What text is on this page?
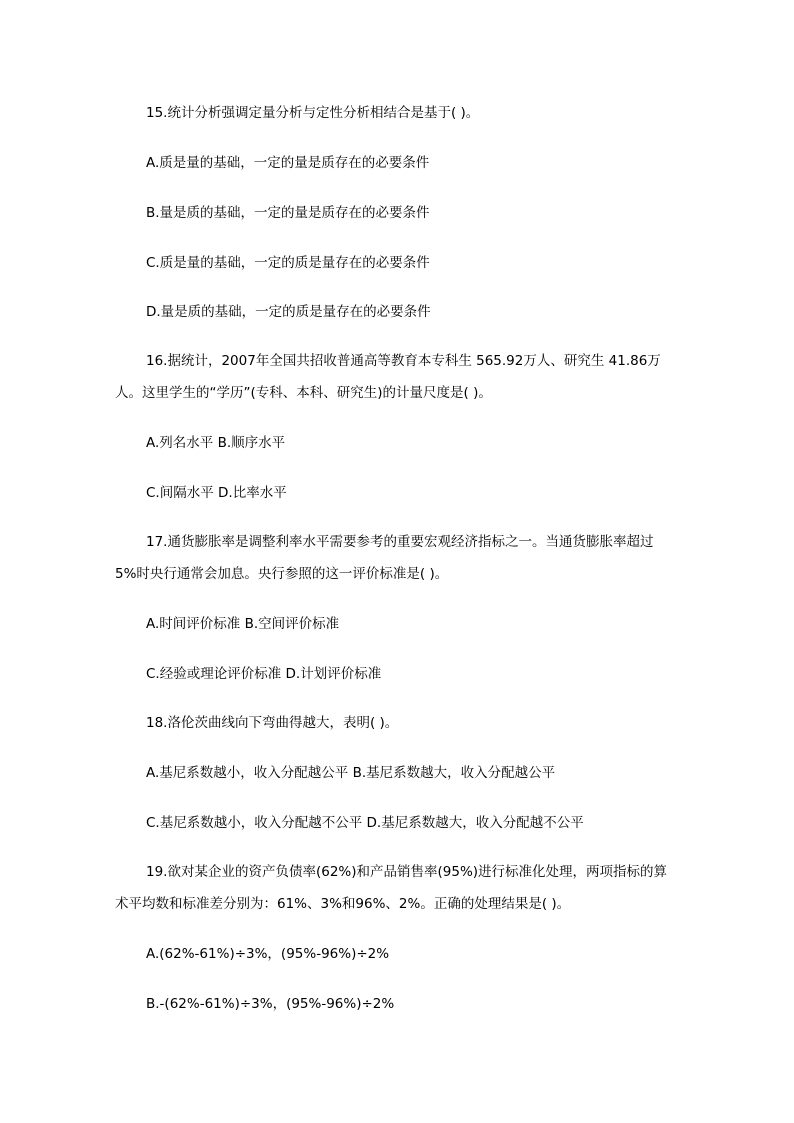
15.统计分析强调定量分析与定性分析相结合是基于( )。
A.质是量的基础，一定的量是质存在的必要条件
B.量是质的基础，一定的量是质存在的必要条件
C.质是量的基础，一定的质是量存在的必要条件
D.量是质的基础，一定的质是量存在的必要条件
16.据统计，2007年全国共招收普通高等教育本专科生 565.92万人、研究生 41.86万
人。这里学生的“学历”(专科、本科、研究生)的计量尺度是( )。
A.列名水平 B.顺序水平
C.间隔水平 D.比率水平
17.通货膨胀率是调整利率水平需要参考的重要宏观经济指标之一。当通货膨胀率超过
5%时央行通常会加息。央行参照的这一评价标准是( )。
A.时间评价标准 B.空间评价标准
C.经验或理论评价标准 D.计划评价标准
18.洛伦茨曲线向下弯曲得越大，表明( )。
A.基尼系数越小，收入分配越公平 B.基尼系数越大，收入分配越公平
C.基尼系数越小，收入分配越不公平 D.基尼系数越大，收入分配越不公平
19.欲对某企业的资产负债率(62%)和产品销售率(95%)进行标准化处理，两项指标的算
术平均数和标准差分别为：61%、3%和96%、2%。正确的处理结果是( )。
A.(62%-61%)÷3%，(95%-96%)÷2%
B.-(62%-61%)÷3%，(95%-96%)÷2%
